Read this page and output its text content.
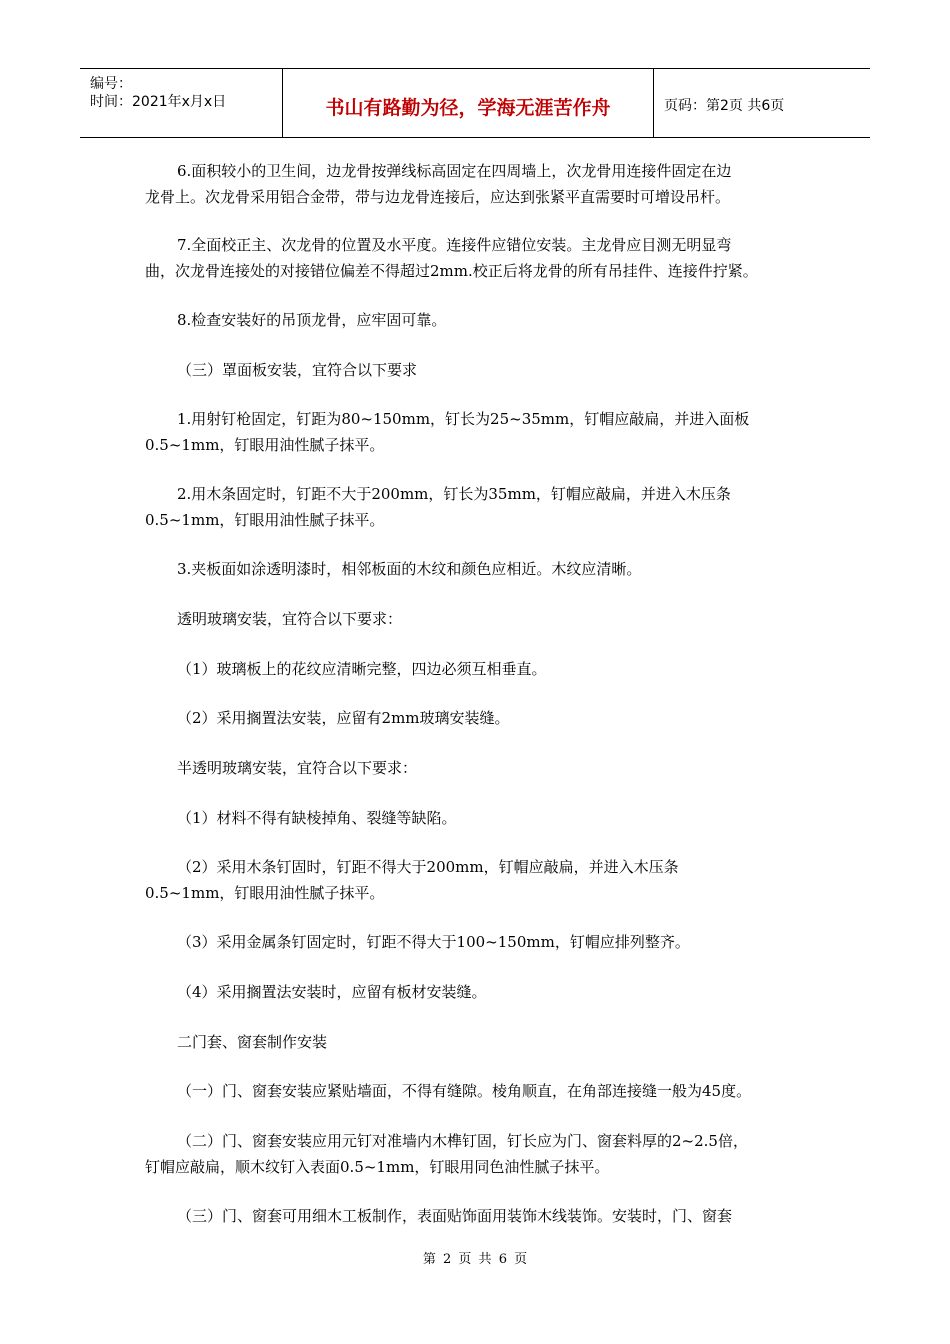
编号：
时间：2021年x月x日	书山有路勤为径，学海无涯苦作舟	页码：第2页 共6页
6.面积较小的卫生间，边龙骨按弹线标高固定在四周墙上，次龙骨用连接件固定在边
龙骨上。次龙骨采用铝合金带，带与边龙骨连接后，应达到张紧平直需要时可增设吊杆。
7.全面校正主、次龙骨的位置及水平度。连接件应错位安装。主龙骨应目测无明显弯
曲，次龙骨连接处的对接错位偏差不得超过2mm.校正后将龙骨的所有吊挂件、连接件拧紧。
8.检查安装好的吊顶龙骨，应牢固可靠。
（三）罩面板安装，宜符合以下要求
1.用射钉枪固定，钉距为80~150mm，钉长为25~35mm，钉帽应敲扁，并进入面板
0.5~1mm，钉眼用油性腻子抹平。
2.用木条固定时，钉距不大于200mm，钉长为35mm，钉帽应敲扁，并进入木压条
0.5~1mm，钉眼用油性腻子抹平。
3.夹板面如涂透明漆时，相邻板面的木纹和颜色应相近。木纹应清晰。
透明玻璃安装，宜符合以下要求：
（1）玻璃板上的花纹应清晰完整，四边必须互相垂直。
（2）采用搁置法安装，应留有2mm玻璃安装缝。
半透明玻璃安装，宜符合以下要求：
（1）材料不得有缺棱掉角、裂缝等缺陷。
（2）采用木条钉固时，钉距不得大于200mm，钉帽应敲扁，并进入木压条
0.5~1mm，钉眼用油性腻子抹平。
（3）采用金属条钉固定时，钉距不得大于100~150mm，钉帽应排列整齐。
（4）采用搁置法安装时，应留有板材安装缝。
二门套、窗套制作安装
（一）门、窗套安装应紧贴墙面，不得有缝隙。棱角顺直，在角部连接缝一般为45度。
（二）门、窗套安装应用元钉对准墙内木榫钉固，钉长应为门、窗套料厚的2~2.5倍，
钉帽应敲扁，顺木纹钉入表面0.5~1mm，钉眼用同色油性腻子抹平。
（三）门、窗套可用细木工板制作，表面贴饰面用装饰木线装饰。安装时，门、窗套
第 2 页 共 6 页
